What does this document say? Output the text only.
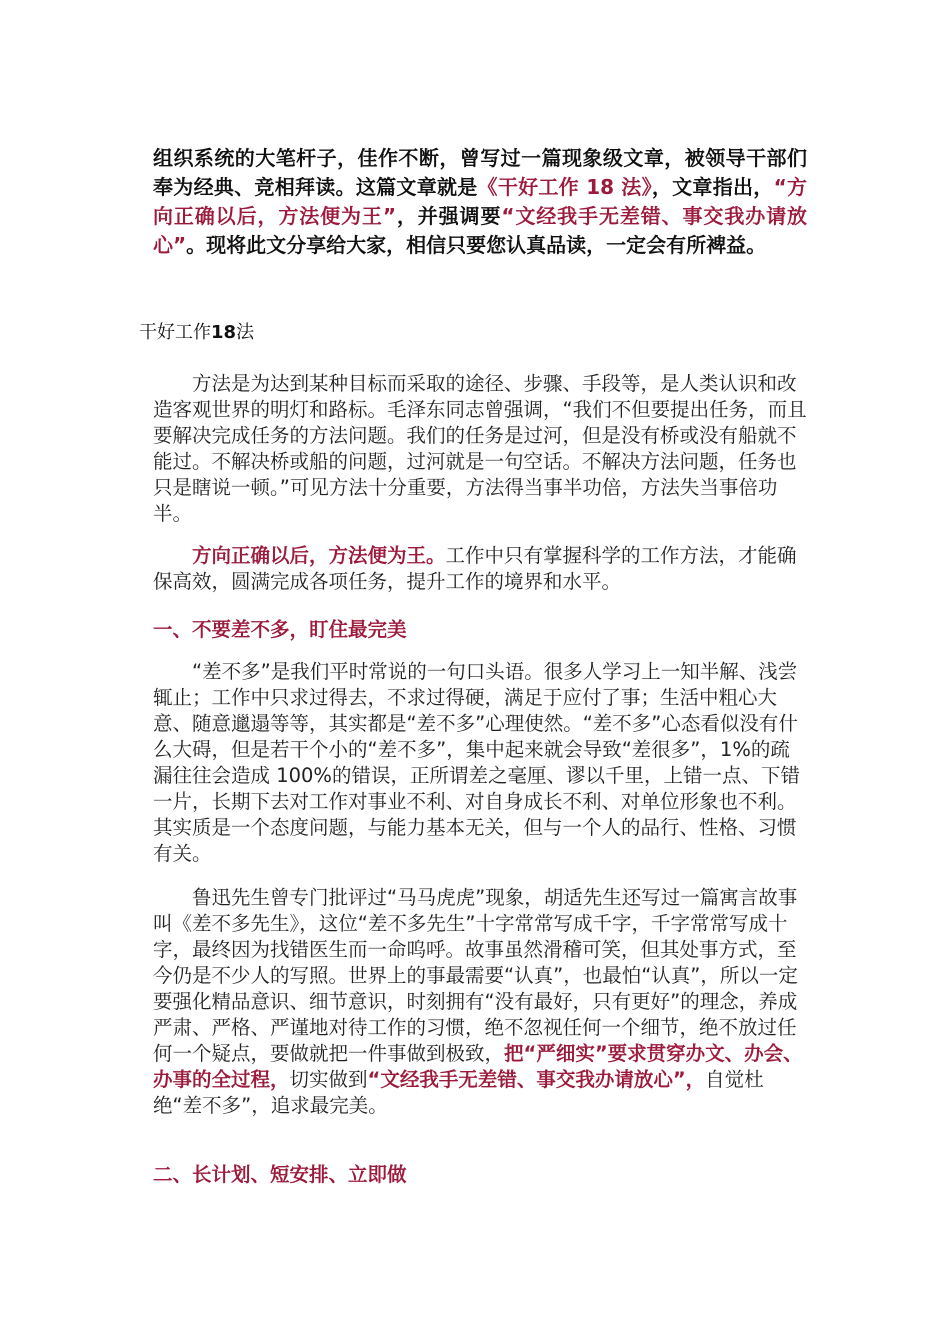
组织系统的大笔杆子，佳作不断，曾写过一篇现象级文章，被领导干部们奉为经典、竞相拜读。这篇文章就是《干好工作 18 法》，文章指出，“方向正确以后，方法便为王”，并强调要“文经我手无差错、事交我办请放心”。现将此文分享给大家，相信只要您认真品读，一定会有所裨益。

干好工作18法

方法是为达到某种目标而采取的途径、步骤、手段等，是人类认识和改造客观世界的明灯和路标。毛泽东同志曾强调，“我们不但要提出任务，而且要解决完成任务的方法问题。我们的任务是过河，但是没有桥或没有船就不能过。不解决桥或船的问题，过河就是一句空话。不解决方法问题，任务也只是瞎说一顿。”可见方法十分重要，方法得当事半功倍，方法失当事倍功半。

方向正确以后，方法便为王。工作中只有掌握科学的工作方法，才能确保高效，圆满完成各项任务，提升工作的境界和水平。

一、不要差不多，盯住最完美

“差不多”是我们平时常说的一句口头语。很多人学习上一知半解、浅尝辄止；工作中只求过得去，不求过得硬，满足于应付了事；生活中粗心大意、随意邋遢等等，其实都是“差不多”心理使然。“差不多”心态看似没有什么大碍，但是若干个小的“差不多”，集中起来就会导致“差很多”，1%的疏漏往往会造成 100%的错误，正所谓差之毫厘、谬以千里，上错一点、下错一片，长期下去对工作对事业不利、对自身成长不利、对单位形象也不利。其实质是一个态度问题，与能力基本无关，但与一个人的品行、性格、习惯有关。

鲁迅先生曾专门批评过“马马虎虎”现象，胡适先生还写过一篇寓言故事叫《差不多先生》，这位“差不多先生”十字常常写成千字，千字常常写成十字，最终因为找错医生而一命呜呼。故事虽然滑稽可笑，但其处事方式，至今仍是不少人的写照。世界上的事最需要“认真”，也最怕“认真”，所以一定要强化精品意识、细节意识，时刻拥有“没有最好，只有更好”的理念，养成严肃、严格、严谨地对待工作的习惯，绝不忽视任何一个细节，绝不放过任何一个疑点，要做就把一件事做到极致，把“严细实”要求贯穿办文、办会、办事的全过程，切实做到“文经我手无差错、事交我办请放心”，自觉杜绝“差不多”，追求最完美。

二、长计划、短安排、立即做
